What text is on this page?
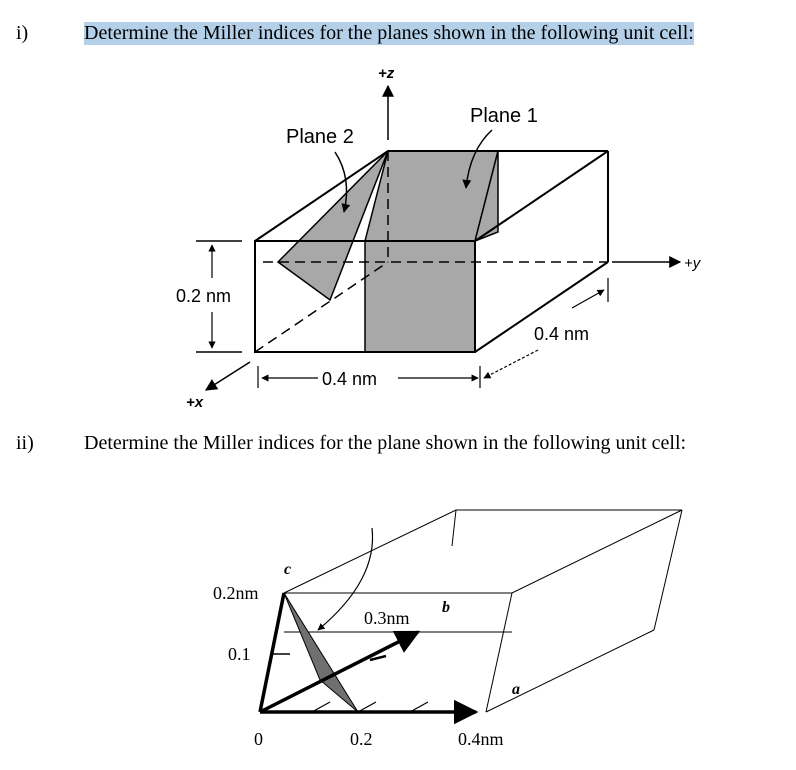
i)	Determine the Miller indices for the planes shown in the following unit cell:
ii)	Determine the Miller indices for the plane shown in the following unit cell:
+z
+y
+x
Plane 2
Plane 1
0.2 nm
0.4 nm
0.4 nm
c
b
a
0.2nm
0.3nm
0.1
0	0.2	0.4nm
